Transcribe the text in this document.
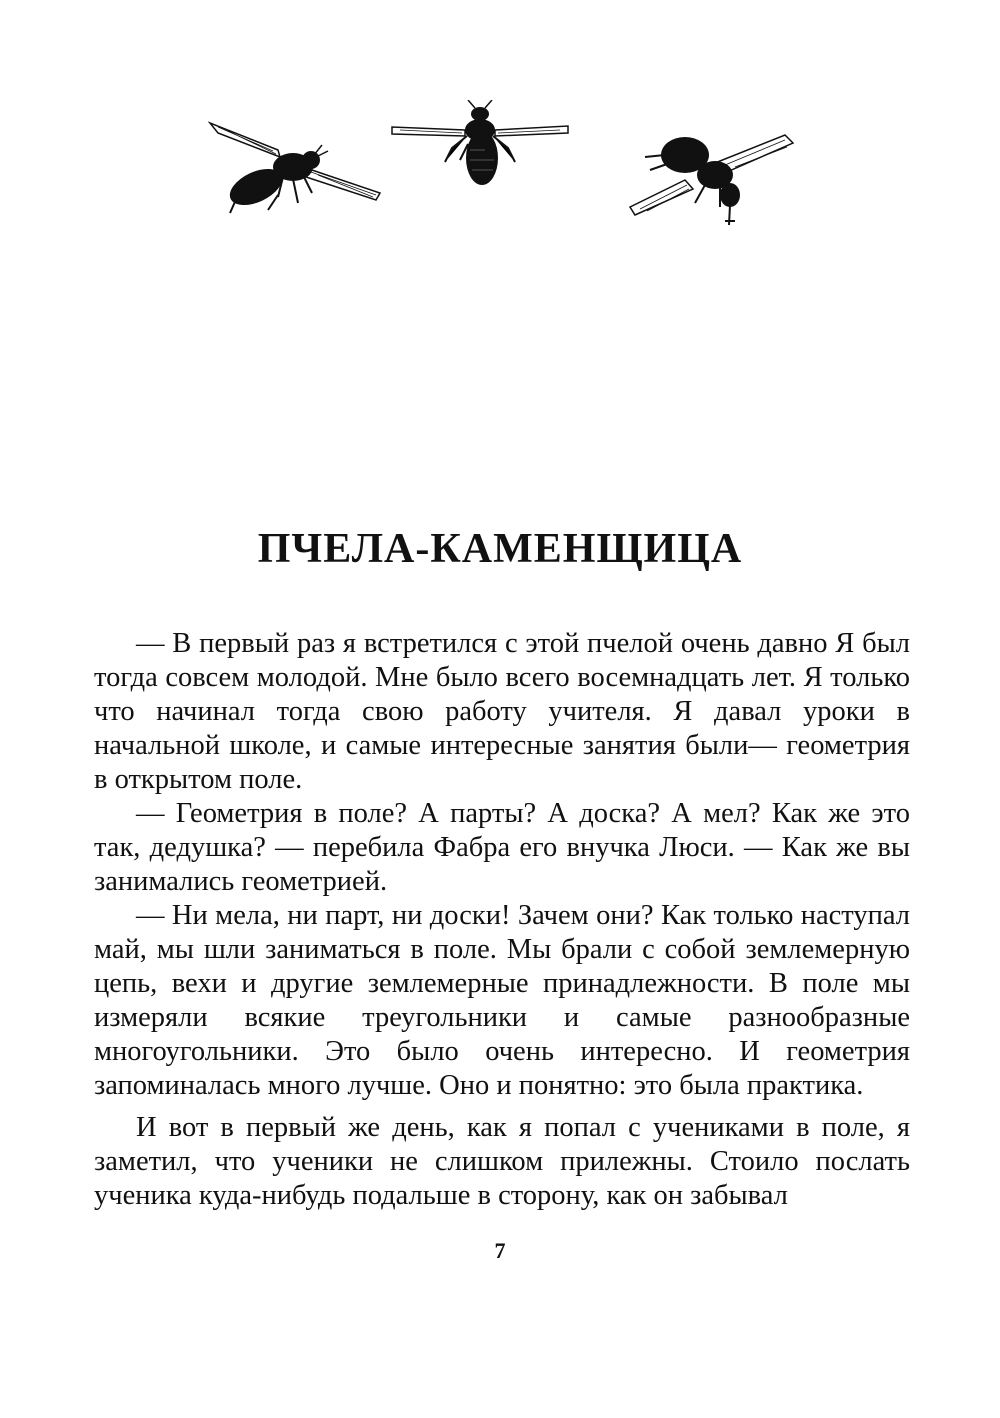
ПЧЕЛА-КАМЕНЩИЦА

— В первый раз я встретился с этой пчелой очень давно Я был тогда совсем молодой. Мне было всего восемнадцать лет. Я только что начинал тогда свою работу учителя. Я давал уроки в начальной школе, и самые интересные занятия были— геометрия в открытом поле.

— Геометрия в поле? А парты? А доска? А мел? Как же это так, дедушка? — перебила Фабра его внучка Люси. — Как же вы занимались геометрией.

— Ни мела, ни парт, ни доски! Зачем они? Как только наступал май, мы шли заниматься в поле. Мы брали с собой землемерную цепь, вехи и другие землемерные принадлежности. В поле мы измеряли всякие треугольники и самые разнообразные многоугольники. Это было очень интересно. И геометрия запоминалась много лучше. Оно и понятно: это была практика.

И вот в первый же день, как я попал с учениками в поле, я заметил, что ученики не слишком прилежны. Стоило послать ученика куда-нибудь подальше в сторону, как он забывал

7
